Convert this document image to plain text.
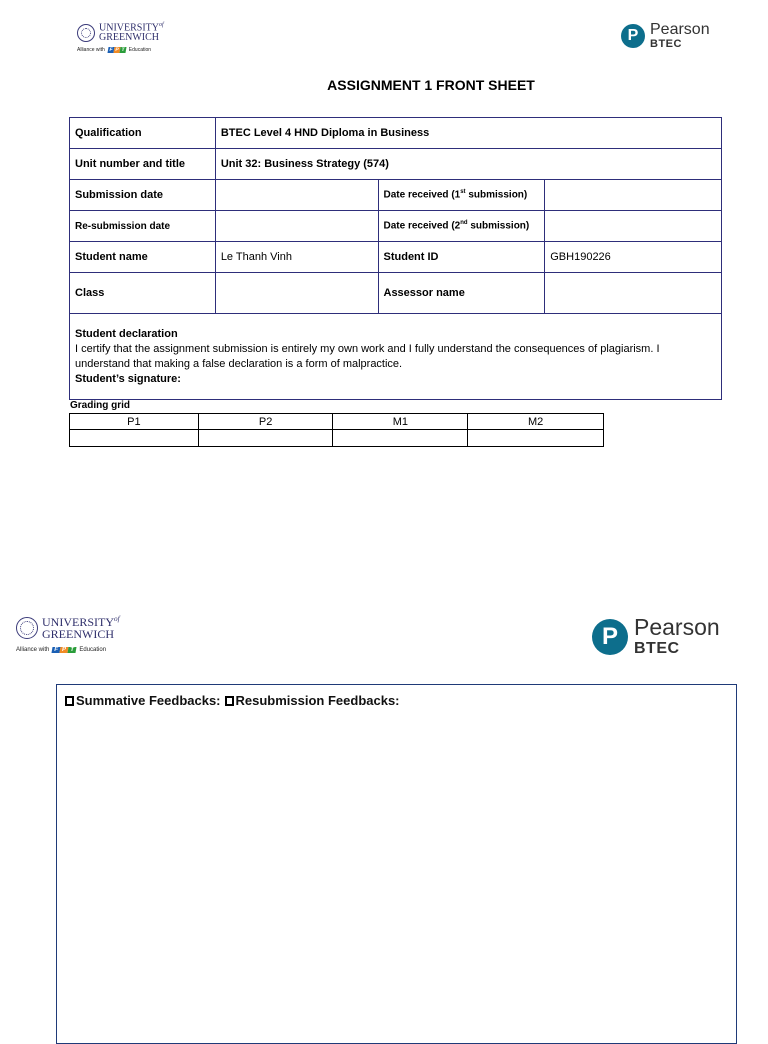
$UNIVERSITY^{of}$
GREENWICH
Alliance with F P T Education
P Pearson
BTEC
ASSIGNMENT 1 FRONT SHEET
Qualification	BTEC Level 4 HND Diploma in Business		
Unit number and title	Unit 32: Business Strategy (574)		
Submission date		Date received (1st submission)	
Re-submission date		Date received (2nd submission)	
Student name	Le Thanh Vinh	Student ID	GBH190226
Class		Assessor name	

Student declaration
I certify that the assignment submission is entirely my own work and I fully understand the consequences of plagiarism. I understand that making a false declaration is a form of malpractice.
Student’s signature:			
Grading grid
P1	P2	M1	M2

$UNIVERSITY^{of}$
GREENWICH
Alliance with F P T Education
P Pearson
BTEC
Summative Feedbacks: Resubmission Feedbacks:
